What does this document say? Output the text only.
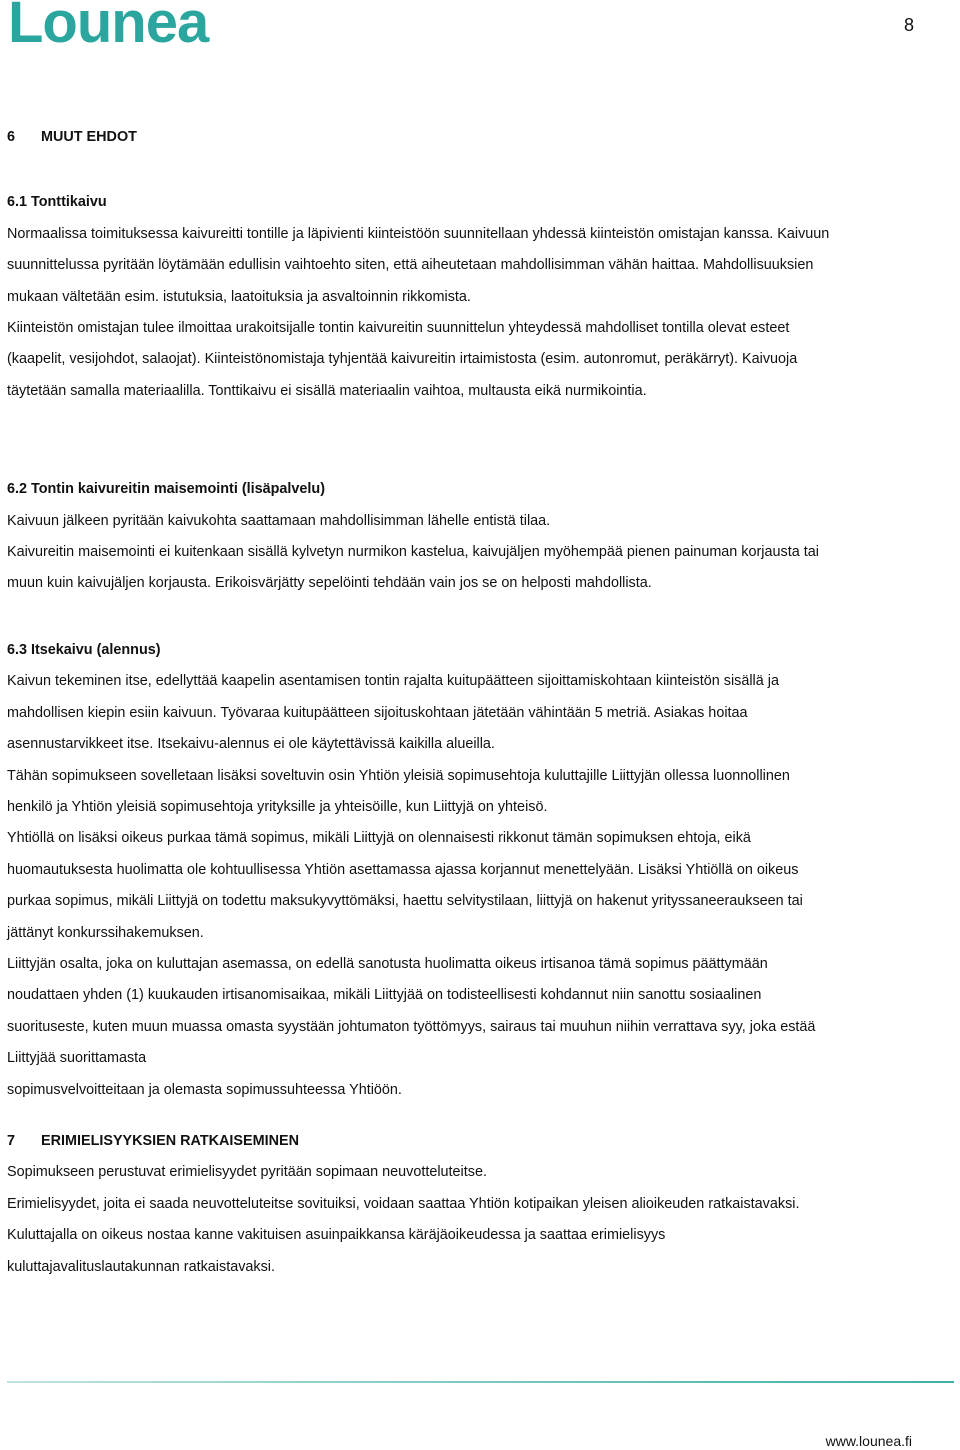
Lounea	8

6 MUUT EHDOT

6.1 Tonttikaivu

Normaalissa toimituksessa kaivureitti tontille ja läpivienti kiinteistöön suunnitellaan yhdessä kiinteistön omistajan kanssa. Kaivuun

suunnittelussa pyritään löytämään edullisin vaihtoehto siten, että aiheutetaan mahdollisimman vähän haittaa. Mahdollisuuksien

mukaan vältetään esim. istutuksia, laatoituksia ja asvaltoinnin rikkomista.

Kiinteistön omistajan tulee ilmoittaa urakoitsijalle tontin kaivureitin suunnittelun yhteydessä mahdolliset tontilla olevat esteet

(kaapelit, vesijohdot, salaojat). Kiinteistönomistaja tyhjentää kaivureitin irtaimistosta (esim. autonromut, peräkärryt). Kaivuoja

täytetään samalla materiaalilla. Tonttikaivu ei sisällä materiaalin vaihtoa, multausta eikä nurmikointia.

6.2 Tontin kaivureitin maisemointi (lisäpalvelu)

Kaivuun jälkeen pyritään kaivukohta saattamaan mahdollisimman lähelle entistä tilaa.

Kaivureitin maisemointi ei kuitenkaan sisällä kylvetyn nurmikon kastelua, kaivujäljen myöhempää pienen painuman korjausta tai

muun kuin kaivujäljen korjausta. Erikoisvärjätty sepelöinti tehdään vain jos se on helposti mahdollista.

6.3 Itsekaivu (alennus)

Kaivun tekeminen itse, edellyttää kaapelin asentamisen tontin rajalta kuitupäätteen sijoittamiskohtaan kiinteistön sisällä ja

mahdollisen kiepin esiin kaivuun. Työvaraa kuitupäätteen sijoituskohtaan jätetään vähintään 5 metriä. Asiakas hoitaa

asennustarvikkeet itse. Itsekaivu-alennus ei ole käytettävissä kaikilla alueilla.

Tähän sopimukseen sovelletaan lisäksi soveltuvin osin Yhtiön yleisiä sopimusehtoja kuluttajille Liittyjän ollessa luonnollinen

henkilö ja Yhtiön yleisiä sopimusehtoja yrityksille ja yhteisöille, kun Liittyjä on yhteisö.

Yhtiöllä on lisäksi oikeus purkaa tämä sopimus, mikäli Liittyjä on olennaisesti rikkonut tämän sopimuksen ehtoja, eikä

huomautuksesta huolimatta ole kohtuullisessa Yhtiön asettamassa ajassa korjannut menettelyään. Lisäksi Yhtiöllä on oikeus

purkaa sopimus, mikäli Liittyjä on todettu maksukyvyttömäksi, haettu selvitystilaan, liittyjä on hakenut yrityssaneeraukseen tai

jättänyt konkurssihakemuksen.

Liittyjän osalta, joka on kuluttajan asemassa, on edellä sanotusta huolimatta oikeus irtisanoa tämä sopimus päättymään

noudattaen yhden (1) kuukauden irtisanomisaikaa, mikäli Liittyjää on todisteellisesti kohdannut niin sanottu sosiaalinen

suorituseste, kuten muun muassa omasta syystään johtumaton työttömyys, sairaus tai muuhun niihin verrattava syy, joka estää

Liittyjää suorittamasta

sopimusvelvoitteitaan ja olemasta sopimussuhteessa Yhtiöön.

7 ERIMIELISYYKSIEN RATKAISEMINEN

Sopimukseen perustuvat erimielisyydet pyritään sopimaan neuvotteluteitse.

Erimielisyydet, joita ei saada neuvotteluteitse sovituiksi, voidaan saattaa Yhtiön kotipaikan yleisen alioikeuden ratkaistavaksi.

Kuluttajalla on oikeus nostaa kanne vakituisen asuinpaikkansa käräjäoikeudessa ja saattaa erimielisyys

kuluttajavalituslautakunnan ratkaistavaksi.

www.lounea.fi
